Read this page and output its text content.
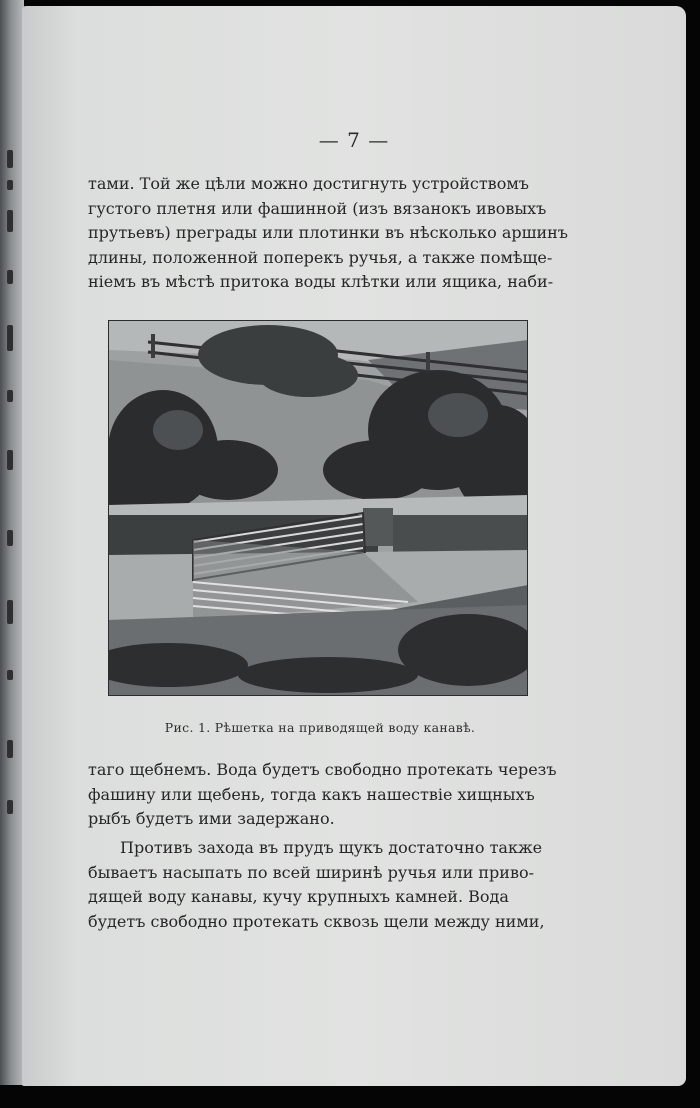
— 7 —

тами. Той же цѣли можно достигнуть устройствомъ
густого плетня или фашинной (изъ вязанокъ ивовыхъ
прутьевъ) преграды или плотинки въ нѣсколько аршинъ
длины, положенной поперекъ ручья, а также помѣще-
ніемъ въ мѣстѣ притока воды клѣтки или ящика, наби-

Рис. 1. Рѣшетка на приводящей воду канавѣ.

таго щебнемъ. Вода будетъ свободно протекать черезъ
фашину или щебень, тогда какъ нашествіе хищныхъ
рыбъ будетъ ими задержано.

Противъ захода въ прудъ щукъ достаточно также
бываетъ насыпать по всей ширинѣ ручья или приво-
дящей воду канавы, кучу крупныхъ камней. Вода
будетъ свободно протекать сквозь щели между ними,
